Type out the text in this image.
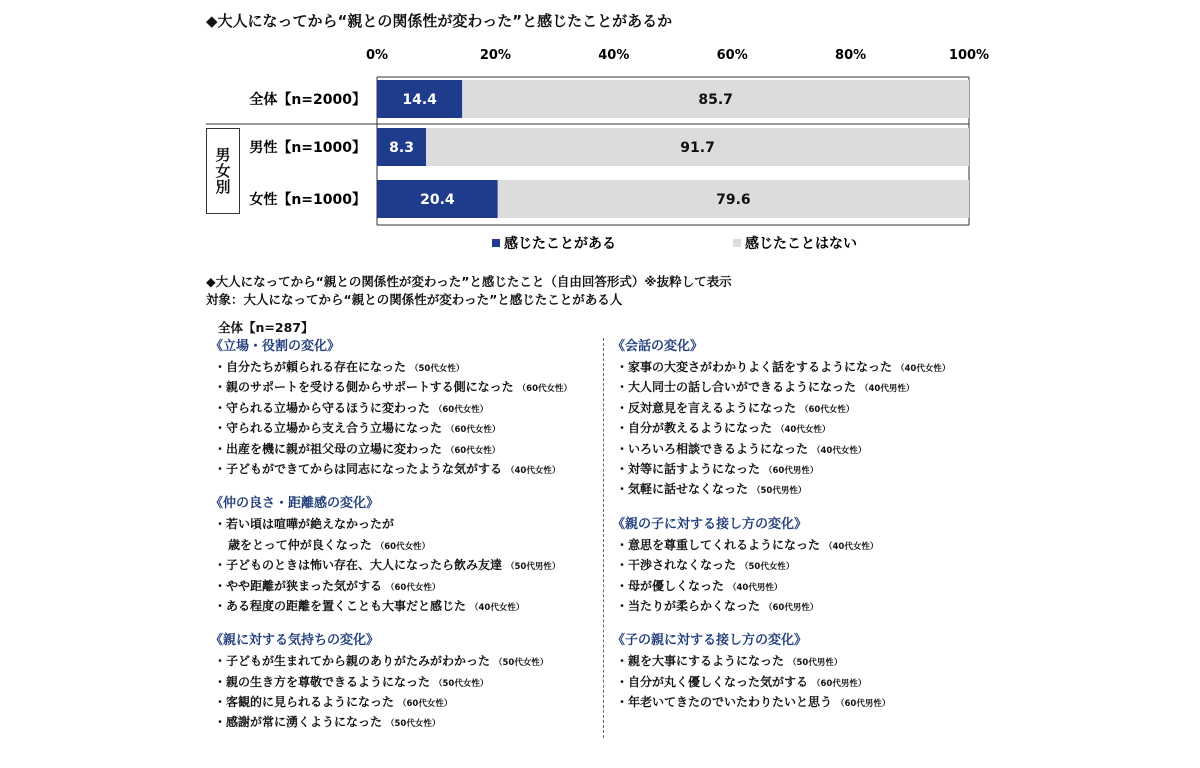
◆大人になってから“親との関係性が変わった”と感じたことがあるか
0%	20%	40%	60%	80%	100%
全体【n=2000】	14.4	85.7
男性【n=1000】 8.3	91.7
女性【n=1000】	20.4	79.6
感じたことがある	感じたことはない
男女別
◆大人になってから“親との関係性が変わった”と感じたこと（自由回答形式）※抜粋して表示
対象：大人になってから“親との関係性が変わった”と感じたことがある人
全体【n=287】
《立場・役割の変化》
・自分たちが頼られる存在になった （50代女性）
・親のサポートを受ける側からサポートする側になった （60代女性）
・守られる立場から守るほうに変わった （60代女性）
・守られる立場から支え合う立場になった （60代女性）
・出産を機に親が祖父母の立場に変わった （60代女性）
・子どもができてからは同志になったような気がする （40代女性）
《仲の良さ・距離感の変化》
・若い頃は喧嘩が絶えなかったが
歳をとって仲が良くなった （60代女性）
・子どものときは怖い存在、大人になったら飲み友達 （50代男性）
・やや距離が狭まった気がする （60代女性）
・ある程度の距離を置くことも大事だと感じた （40代女性）
《親に対する気持ちの変化》
・子どもが生まれてから親のありがたみがわかった （50代女性）
・親の生き方を尊敬できるようになった （50代女性）
・客観的に見られるようになった （60代女性）
・感謝が常に湧くようになった （50代女性）
《会話の変化》
・家事の大変さがわかりよく話をするようになった （40代女性）
・大人同士の話し合いができるようになった （40代男性）
・反対意見を言えるようになった （60代女性）
・自分が教えるようになった （40代女性）
・いろいろ相談できるようになった （40代女性）
・対等に話すようになった （60代男性）
・気軽に話せなくなった （50代男性）
《親の子に対する接し方の変化》
・意思を尊重してくれるようになった （40代女性）
・干渉されなくなった （50代女性）
・母が優しくなった （40代男性）
・当たりが柔らかくなった （60代男性）
《子の親に対する接し方の変化》
・親を大事にするようになった （50代男性）
・自分が丸く優しくなった気がする （60代男性）
・年老いてきたのでいたわりたいと思う （60代男性）
